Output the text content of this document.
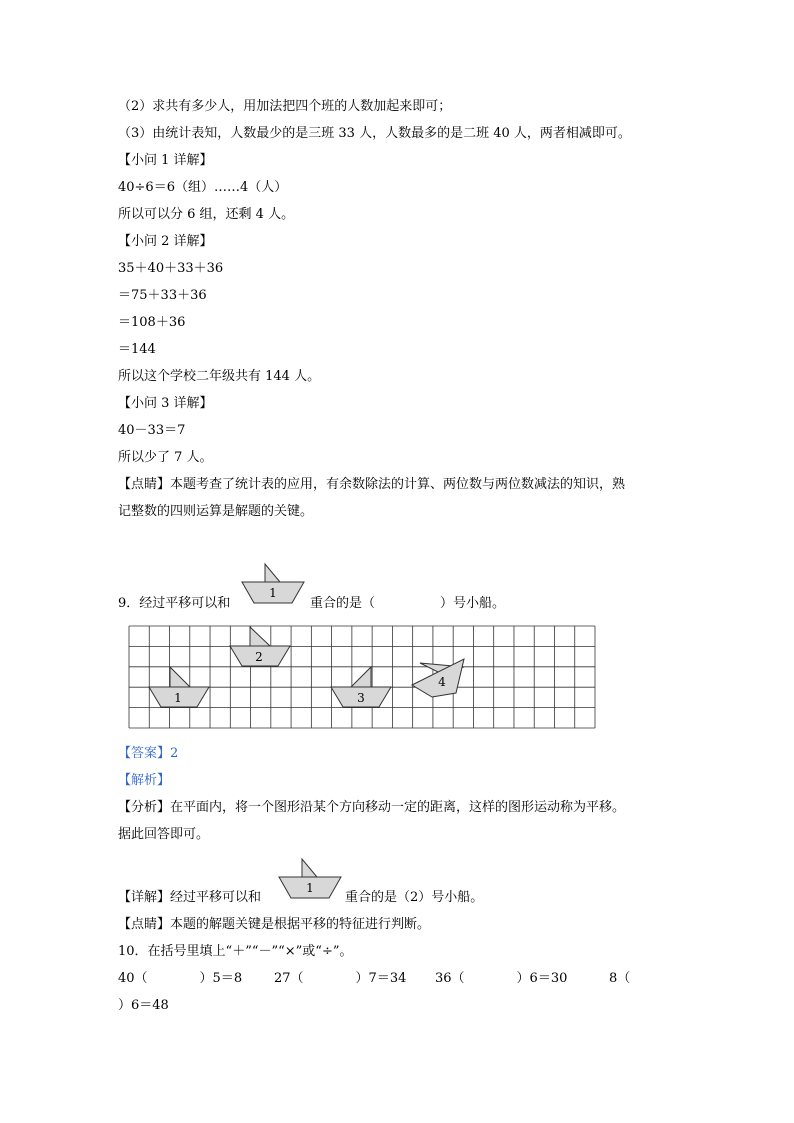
（2）求共有多少人，用加法把四个班的人数加起来即可；
（3）由统计表知，人数最少的是三班 33 人，人数最多的是二班 40 人，两者相减即可。
【小问 1 详解】
40÷6＝6（组）……4（人）
所以可以分 6 组，还剩 4 人。
【小问 2 详解】
35＋40＋33＋36
＝75＋33＋36
＝108＋36
＝144
所以这个学校二年级共有 144 人。
【小问 3 详解】
40－33＝7
所以少了 7 人。
【点睛】本题考查了统计表的应用，有余数除法的计算、两位数与两位数减法的知识，熟
记整数的四则运算是解题的关键。
9．经过平移可以和
1
重合的是（　　　　　）号小船。
1
2
3
4
【答案】2
【解析】
【分析】在平面内，将一个图形沿某个方向移动一定的距离，这样的图形运动称为平移。
据此回答即可。
【详解】经过平移可以和
1
重合的是（2）号小船。
【点睛】本题的解题关键是根据平移的特征进行判断。
10．在括号里填上“＋”“－”“×”或“÷”。
40（　　　　）5＝8 27（　　　　）7＝34 36（　　　　）6＝30	8（
）6＝48
